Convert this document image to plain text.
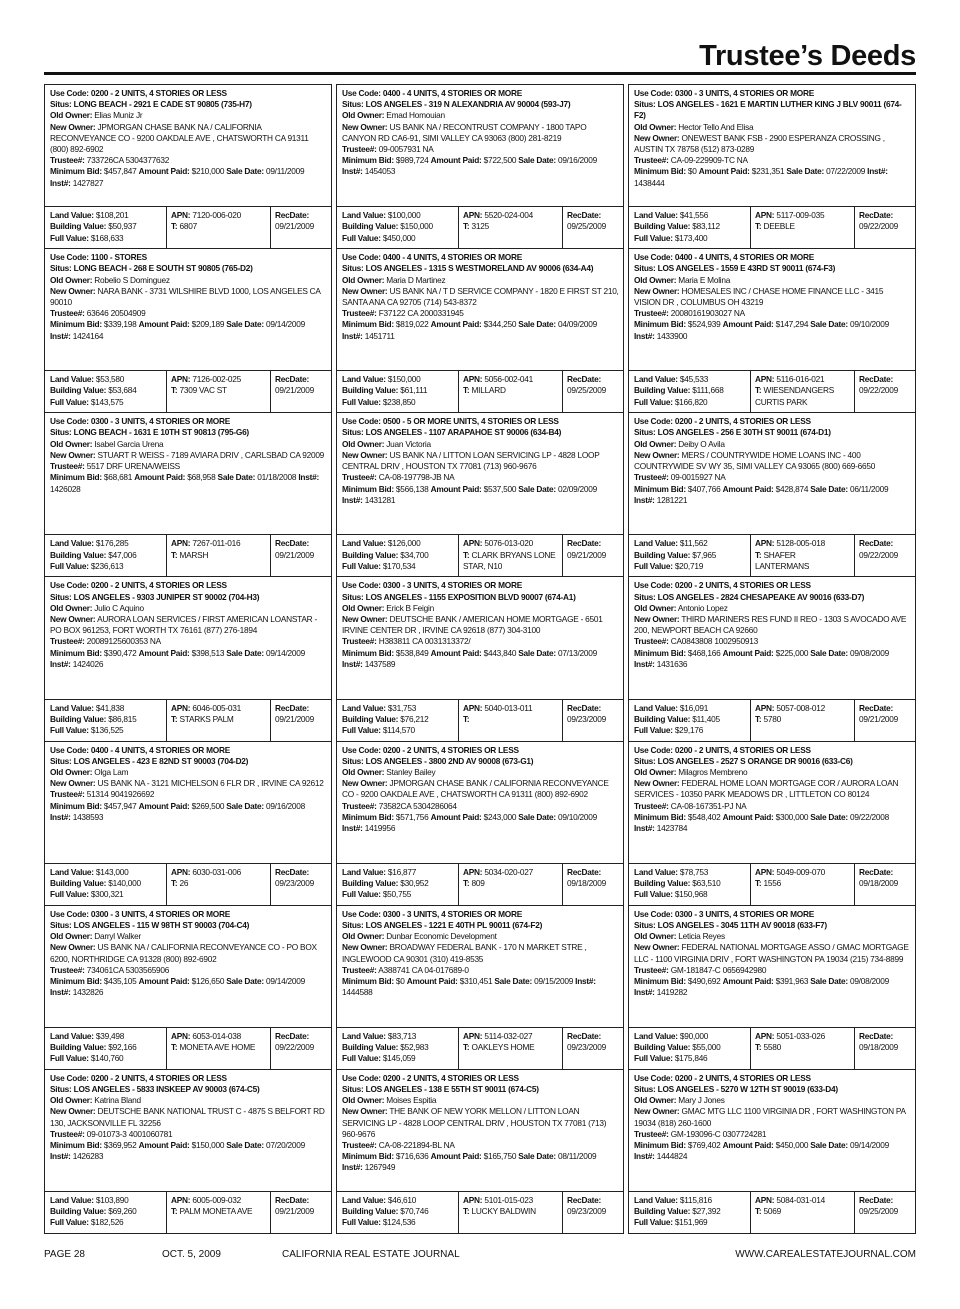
Trustee’s Deeds
Use Code: 0200 - 2 UNITS, 4 STORIES OR LESS
Situs: LONG BEACH - 2921 E CADE ST 90805 (735-H7)
Old Owner: Elias Muniz Jr
New Owner: JPMORGAN CHASE BANK NA / CALIFORNIA RECONVEYANCE CO - 9200 OAKDALE AVE , CHATSWORTH CA 91311 (800) 892-6902
Trustee#: 733726CA 5304377632
Minimum Bid: $457,847 Amount Paid: $210,000 Sale Date: 09/11/2009 Inst#: 1427827
Land Value: $108,201
Building Value: $50,937
Full Value: $168,633
APN: 7120-006-020
T: 6807
RecDate:
09/21/2009
Use Code: 1100 - STORES
Situs: LONG BEACH - 268 E SOUTH ST 90805 (765-D2)
Old Owner: Robelio S Dominguez
New Owner: NARA BANK - 3731 WILSHIRE BLVD 1000, LOS ANGELES CA 90010
Trustee#: 63646 20504909
Minimum Bid: $339,198 Amount Paid: $209,189 Sale Date: 09/14/2009 Inst#: 1424164
Land Value: $53,580
Building Value: $53,684
Full Value: $143,575
APN: 7126-002-025
T: 7309 VAC ST
RecDate:
09/21/2009
Use Code: 0300 - 3 UNITS, 4 STORIES OR MORE
Situs: LONG BEACH - 1631 E 10TH ST 90813 (795-G6)
Old Owner: Isabel Garcia Urena
New Owner: STUART R WEISS - 7189 AVIARA DRIV , CARLSBAD CA 92009
Trustee#: 5517 DRF URENA/WEISS
Minimum Bid: $68,681 Amount Paid: $68,958 Sale Date: 01/18/2008 Inst#: 1426028
Land Value: $176,285
Building Value: $47,006
Full Value: $236,613
APN: 7267-011-016
T: MARSH
RecDate:
09/21/2009
Use Code: 0200 - 2 UNITS, 4 STORIES OR LESS
Situs: LOS ANGELES - 9303 JUNIPER ST 90002 (704-H3)
Old Owner: Julio C Aquino
New Owner: AURORA LOAN SERVICES / FIRST AMERICAN LOANSTAR - PO BOX 961253, FORT WORTH TX 76161 (877) 276-1894
Trustee#: 20089125600353 NA
Minimum Bid: $390,472 Amount Paid: $398,513 Sale Date: 09/14/2009 Inst#: 1424026
Land Value: $41,838
Building Value: $86,815
Full Value: $136,525
APN: 6046-005-031
T: STARKS PALM
RecDate:
09/21/2009
Use Code: 0400 - 4 UNITS, 4 STORIES OR MORE
Situs: LOS ANGELES - 423 E 82ND ST 90003 (704-D2)
Old Owner: Olga Lam
New Owner: US BANK NA - 3121 MICHELSON 6 FLR DR , IRVINE CA 92612
Trustee#: 51314 9041926692
Minimum Bid: $457,947 Amount Paid: $269,500 Sale Date: 09/16/2008 Inst#: 1438593
Land Value: $143,000
Building Value: $140,000
Full Value: $300,321
APN: 6030-031-006
T: 26
RecDate:
09/23/2009
Use Code: 0300 - 3 UNITS, 4 STORIES OR MORE
Situs: LOS ANGELES - 115 W 98TH ST 90003 (704-C4)
Old Owner: Darryl Walker
New Owner: US BANK NA / CALIFORNIA RECONVEYANCE CO - PO BOX 6200, NORTHRIDGE CA 91328 (800) 892-6902
Trustee#: 734061CA 5303565906
Minimum Bid: $435,105 Amount Paid: $126,650 Sale Date: 09/14/2009 Inst#: 1432826
Land Value: $39,498
Building Value: $92,166
Full Value: $140,760
APN: 6053-014-038
T: MONETA AVE HOME
RecDate:
09/22/2009
Use Code: 0200 - 2 UNITS, 4 STORIES OR LESS
Situs: LOS ANGELES - 5833 INSKEEP AV 90003 (674-C5)
Old Owner: Katrina Bland
New Owner: DEUTSCHE BANK NATIONAL TRUST C - 4875 S BELFORT RD 130, JACKSONVILLE FL 32256
Trustee#: 09-01073-3 4001060781
Minimum Bid: $369,952 Amount Paid: $150,000 Sale Date: 07/20/2009 Inst#: 1426283
Land Value: $103,890
Building Value: $69,260
Full Value: $182,526
APN: 6005-009-032
T: PALM MONETA AVE
RecDate:
09/21/2009
Use Code: 0400 - 4 UNITS, 4 STORIES OR MORE
Situs: LOS ANGELES - 319 N ALEXANDRIA AV 90004 (593-J7)
Old Owner: Emad Homouian
New Owner: US BANK NA / RECONTRUST COMPANY - 1800 TAPO CANYON RD CA6-91, SIMI VALLEY CA 93063 (800) 281-8219
Trustee#: 09-0057931 NA
Minimum Bid: $989,724 Amount Paid: $722,500 Sale Date: 09/16/2009 Inst#: 1454053
Land Value: $100,000
Building Value: $150,000
Full Value: $450,000
APN: 5520-024-004
T: 3125
RecDate:
09/25/2009
Use Code: 0400 - 4 UNITS, 4 STORIES OR MORE
Situs: LOS ANGELES - 1315 S WESTMORELAND AV 90006 (634-A4)
Old Owner: Maria D Martinez
New Owner: US BANK NA / T D SERVICE COMPANY - 1820 E FIRST ST 210, SANTA ANA CA 92705 (714) 543-8372
Trustee#: F37122 CA 2000331945
Minimum Bid: $819,022 Amount Paid: $344,250 Sale Date: 04/09/2009 Inst#: 1451711
Land Value: $150,000
Building Value: $61,111
Full Value: $238,850
APN: 5056-002-041
T: MILLARD
RecDate:
09/25/2009
Use Code: 0500 - 5 OR MORE UNITS, 4 STORIES OR LESS
Situs: LOS ANGELES - 1107 ARAPAHOE ST 90006 (634-B4)
Old Owner: Juan Victoria
New Owner: US BANK NA / LITTON LOAN SERVICING LP - 4828 LOOP CENTRAL DRIV , HOUSTON TX 77081 (713) 960-9676
Trustee#: CA-08-197798-JB NA
Minimum Bid: $566,138 Amount Paid: $537,500 Sale Date: 02/09/2009 Inst#: 1431281
Land Value: $126,000
Building Value: $34,700
Full Value: $170,534
APN: 5076-013-020
T: CLARK BRYANS LONE STAR, N10
RecDate:
09/21/2009
Use Code: 0300 - 3 UNITS, 4 STORIES OR MORE
Situs: LOS ANGELES - 1155 EXPOSITION BLVD 90007 (674-A1)
Old Owner: Erick B Feigin
New Owner: DEUTSCHE BANK / AMERICAN HOME MORTGAGE - 6501 IRVINE CENTER DR , IRVINE CA 92618 (877) 304-3100
Trustee#: H383811 CA 0031313372/
Minimum Bid: $538,849 Amount Paid: $443,840 Sale Date: 07/13/2009 Inst#: 1437589
Land Value: $31,753
Building Value: $76,212
Full Value: $114,570
APN: 5040-013-011
T:
RecDate:
09/23/2009
Use Code: 0200 - 2 UNITS, 4 STORIES OR LESS
Situs: LOS ANGELES - 3800 2ND AV 90008 (673-G1)
Old Owner: Stanley Bailey
New Owner: JPMORGAN CHASE BANK / CALIFORNIA RECONVEYANCE CO - 9200 OAKDALE AVE , CHATSWORTH CA 91311 (800) 892-6902
Trustee#: 73582CA 5304286064
Minimum Bid: $571,756 Amount Paid: $243,000 Sale Date: 09/10/2009 Inst#: 1419956
Land Value: $16,877
Building Value: $30,952
Full Value: $50,755
APN: 5034-020-027
T: 809
RecDate:
09/18/2009
Use Code: 0300 - 3 UNITS, 4 STORIES OR MORE
Situs: LOS ANGELES - 1221 E 40TH PL 90011 (674-F2)
Old Owner: Dunbar Economic Development
New Owner: BROADWAY FEDERAL BANK - 170 N MARKET STRE , INGLEWOOD CA 90301 (310) 419-8535
Trustee#: A388741 CA 04-017689-0
Minimum Bid: $0 Amount Paid: $310,451 Sale Date: 09/15/2009 Inst#: 1444588
Land Value: $83,713
Building Value: $52,983
Full Value: $145,059
APN: 5114-032-027
T: OAKLEYS HOME
RecDate:
09/23/2009
Use Code: 0200 - 2 UNITS, 4 STORIES OR LESS
Situs: LOS ANGELES - 138 E 55TH ST 90011 (674-C5)
Old Owner: Moises Espitia
New Owner: THE BANK OF NEW YORK MELLON / LITTON LOAN SERVICING LP - 4828 LOOP CENTRAL DRIV , HOUSTON TX 77081 (713) 960-9676
Trustee#: CA-08-221894-BL NA
Minimum Bid: $716,636 Amount Paid: $165,750 Sale Date: 08/11/2009 Inst#: 1267949
Land Value: $46,610
Building Value: $70,746
Full Value: $124,536
APN: 5101-015-023
T: LUCKY BALDWIN
RecDate:
09/23/2009
Use Code: 0300 - 3 UNITS, 4 STORIES OR MORE
Situs: LOS ANGELES - 1621 E MARTIN LUTHER KING J BLV 90011 (674-F2)
Old Owner: Hector Tello And Elisa
New Owner: ONEWEST BANK FSB - 2900 ESPERANZA CROSSING , AUSTIN TX 78758 (512) 873-0289
Trustee#: CA-09-229909-TC NA
Minimum Bid: $0 Amount Paid: $231,351 Sale Date: 07/22/2009 Inst#: 1438444
Land Value: $41,556
Building Value: $83,112
Full Value: $173,400
APN: 5117-009-035
T: DEEBLE
RecDate:
09/22/2009
Use Code: 0400 - 4 UNITS, 4 STORIES OR MORE
Situs: LOS ANGELES - 1559 E 43RD ST 90011 (674-F3)
Old Owner: Maria E Molina
New Owner: HOMESALES INC / CHASE HOME FINANCE LLC - 3415 VISION DR , COLUMBUS OH 43219
Trustee#: 20080161903027 NA
Minimum Bid: $524,939 Amount Paid: $147,294 Sale Date: 09/10/2009 Inst#: 1433900
Land Value: $45,533
Building Value: $111,668
Full Value: $166,820
APN: 5116-016-021
T: WIESENDANGERS CURTIS PARK
RecDate:
09/22/2009
Use Code: 0200 - 2 UNITS, 4 STORIES OR LESS
Situs: LOS ANGELES - 256 E 30TH ST 90011 (674-D1)
Old Owner: Deiby O Avila
New Owner: MERS / COUNTRYWIDE HOME LOANS INC - 400 COUNTRYWIDE SV WY 35, SIMI VALLEY CA 93065 (800) 669-6650
Trustee#: 09-0015927 NA
Minimum Bid: $407,766 Amount Paid: $428,874 Sale Date: 06/11/2009 Inst#: 1281221
Land Value: $11,562
Building Value: $7,965
Full Value: $20,719
APN: 5128-005-018
T: SHAFER LANTERMANS
RecDate:
09/22/2009
Use Code: 0200 - 2 UNITS, 4 STORIES OR LESS
Situs: LOS ANGELES - 2824 CHESAPEAKE AV 90016 (633-D7)
Old Owner: Antonio Lopez
New Owner: THIRD MARINERS RES FUND II REO - 1303 S AVOCADO AVE 200, NEWPORT BEACH CA 92660
Trustee#: CA0843808 1002950913
Minimum Bid: $468,166 Amount Paid: $225,000 Sale Date: 09/08/2009 Inst#: 1431636
Land Value: $16,091
Building Value: $11,405
Full Value: $29,176
APN: 5057-008-012
T: 5780
RecDate:
09/21/2009
Use Code: 0200 - 2 UNITS, 4 STORIES OR LESS
Situs: LOS ANGELES - 2527 S ORANGE DR 90016 (633-C6)
Old Owner: Milagros Membreno
New Owner: FEDERAL HOME LOAN MORTGAGE COR / AURORA LOAN SERVICES - 10350 PARK MEADOWS DR , LITTLETON CO 80124
Trustee#: CA-08-167351-PJ NA
Minimum Bid: $548,402 Amount Paid: $300,000 Sale Date: 09/22/2008 Inst#: 1423784
Land Value: $78,753
Building Value: $63,510
Full Value: $150,968
APN: 5049-009-070
T: 1556
RecDate:
09/18/2009
Use Code: 0300 - 3 UNITS, 4 STORIES OR MORE
Situs: LOS ANGELES - 3045 11TH AV 90018 (633-F7)
Old Owner: Leticia Reyes
New Owner: FEDERAL NATIONAL MORTGAGE ASSO / GMAC MORTGAGE LLC - 1100 VIRGINIA DRIV , FORT WASHINGTON PA 19034 (215) 734-8899
Trustee#: GM-181847-C 0656942980
Minimum Bid: $490,692 Amount Paid: $391,963 Sale Date: 09/08/2009 Inst#: 1419282
Land Value: $90,000
Building Value: $55,000
Full Value: $175,846
APN: 5051-033-026
T: 5580
RecDate:
09/18/2009
Use Code: 0200 - 2 UNITS, 4 STORIES OR LESS
Situs: LOS ANGELES - 5270 W 12TH ST 90019 (633-D4)
Old Owner: Mary J Jones
New Owner: GMAC MTG LLC 1100 VIRGINIA DR , FORT WASHINGTON PA 19034 (818) 260-1600
Trustee#: GM-193096-C 0307724281
Minimum Bid: $769,402 Amount Paid: $450,000 Sale Date: 09/14/2009 Inst#: 1444824
Land Value: $115,816
Building Value: $27,392
Full Value: $151,969
APN: 5084-031-014
T: 5069
RecDate:
09/25/2009
PAGE 28	OCT. 5, 2009	CALIFORNIA REAL ESTATE JOURNAL	WWW.CAREALESTATEJOURNAL.COM
